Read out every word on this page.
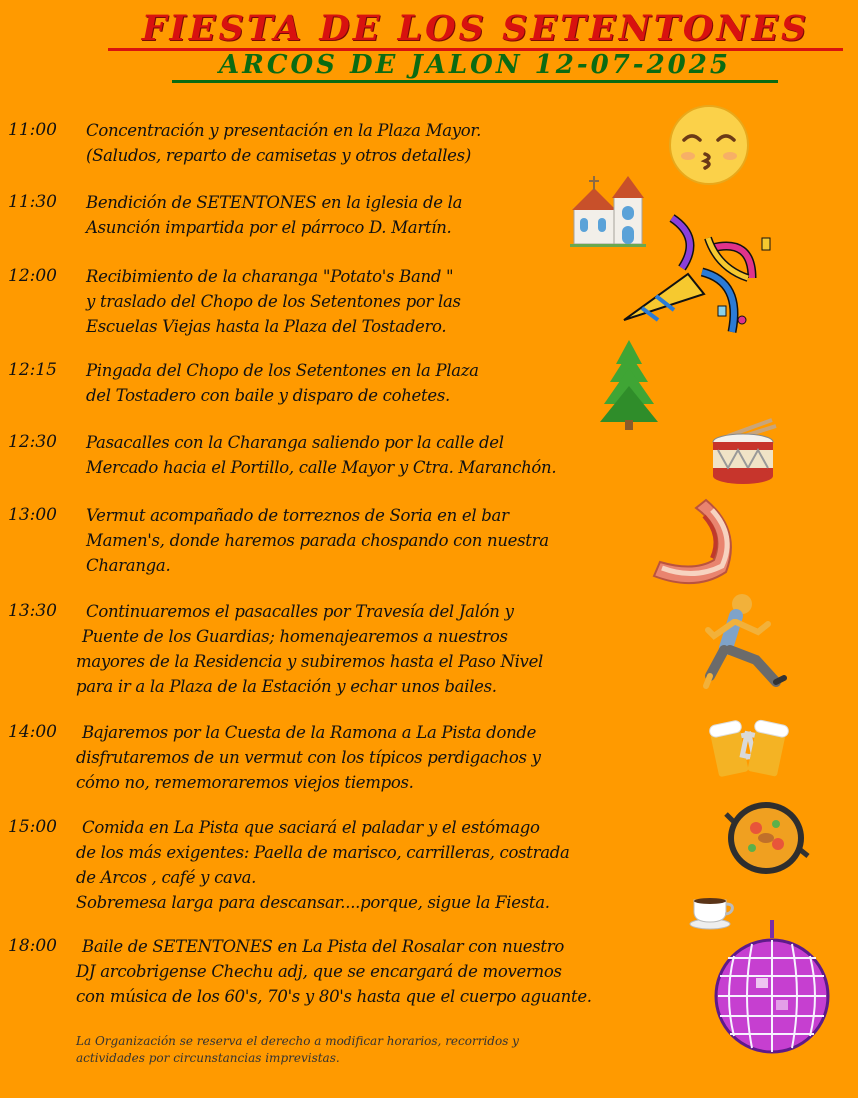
FIESTA DE LOS SETENTONES
ARCOS DE JALON 12-07-2025
11:00 Concentración y presentación en la Plaza Mayor.
(Saludos, reparto de camisetas y otros detalles)
11:30 Bendición de SETENTONES en la iglesia de la
Asunción impartida por el párroco D. Martín.
12:00 Recibimiento de la charanga "Potato's Band "
y traslado del Chopo de los Setentones por las
Escuelas Viejas hasta la Plaza del Tostadero.
12:15 Pingada del Chopo de los Setentones en la Plaza
del Tostadero con baile y disparo de cohetes.
12:30 Pasacalles con la Charanga saliendo por la calle del
Mercado hacia el Portillo, calle Mayor y Ctra. Maranchón.
13:00 Vermut acompañado de torreznos de Soria en el bar
Mamen's, donde haremos parada chospando con nuestra
Charanga.
13:30	Continuaremos el pasacalles por Travesía del Jalón y
Puente de los Guardias; homenajearemos a nuestros
mayores de la Residencia y subiremos hasta el Paso Nivel
para ir a la Plaza de la Estación y echar unos bailes.
14:00	Bajaremos por la Cuesta de la Ramona a La Pista donde
disfrutaremos de un vermut con los típicos perdigachos y
cómo no, rememoraremos viejos tiempos.
15:00	Comida en La Pista que saciará el paladar y el estómago
de los más exigentes: Paella de marisco, carrilleras, costrada
de Arcos , café y cava.
Sobremesa larga para descansar....porque, sigue la Fiesta.
18:00	Baile de SETENTONES en La Pista del Rosalar con nuestro
DJ arcobrigense Chechu adj, que se encargará de movernos
con música de los 60's, 70's y 80's hasta que el cuerpo aguante.
La Organización se reserva el derecho a modificar horarios, recorridos y
actividades por circunstancias imprevistas.
